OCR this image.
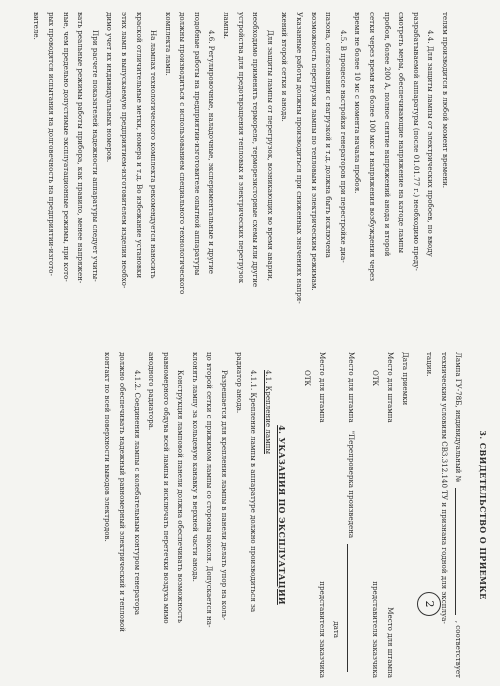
телям производится в любой момент времени.
4.4. Для защиты лампы от электрических пробоев, по вводу
разрабатываемой аппаратуры (после 01.01.77 г.) необходимо преду-
смотреть меры, обеспечивающие напряжение на катоде лампы
пробоя, более 200 А, полное снятие напряжений анода и второй
сетки через время не более 100 мкс и напряжения возбуждения через
время не более 10 мс с момента начала пробоя.
4.5. В процессе настройки генераторов при перестройке диа-
пазона, согласовании с нагрузкой и т.д. должна быть исключена
возможность перегрузки лампы по тепловым и электрическим режимам.
Указанные работы должны производиться при сниженных значениях напря-
жений второй сетки и анода.
Для защиты лампы от перегрузок, возникающих во время аварии,
необходимо применять термореле, терморезисторные схемы или другие
устройства для предотвращения тепловых и электрических перегрузок
лампы.
4.6. Регулировочные, наладочные, экспериментальные и другие
подобные работы на предприятии-изготовителе опытной аппаратуры
должны производиться с использованием специального технологического
комплекта ламп.
На лампах технологического комплекта рекомендуется наносить
краской отличительные метки, номера и т.д. Во избежание установки
этих ламп в выпускаемую предприятием-изготовителем изделия необхо-
димо учет их индивидуальных номеров.
При расчете показателей надежности аппаратуры следует учиты-
вать реальные режимы работы прибора, как правило, менее напряжен-
ные, чем предельно допустимые эксплуатационные режимы, при кото-
рых проводятся испытания на долговечность на предприятии-изгото-
вителе.
3. СВИДЕТЕЛЬСТВО О ПРИЕМКЕ
Лампа ГУ-78Б, индивидуальный №
, соответствует
техническим условиям СВ3.312.140 ТУ и признана годной для эксплуа-
тации.
Дата приемки
Место для штампа
Место для штампа
ОТК
представителя заказчика
Место для штампа
"Перепроверка произведена
дата
Место для штампа
представителя заказчика
ОТК
4. УКАЗАНИЯ ПО ЭКСПЛУАТАЦИИ
4.1. Крепление лампы
4.1.1. Крепление лампы в аппаратуре должно производиться за
радиатор анода.
Разрешается для крепления лампы в панели делать упор на коль-
цо второй сетки с прижимом лампы со стороны цоколя. Допускается на-
клонять лампу за кольцевую канавку в верхней части анода.
Конструкция ламповой панели должна обеспечивать возможность
равномерного обдува всей лампы и исключать перетечки воздуха мимо
анодного радиатора.
4.1.2. Соединения лампы с колебательным контуром генератора
должно обеспечивать надежный равномерный электрический и тепловой
контакт по всей поверхности выводов электродов.
2
